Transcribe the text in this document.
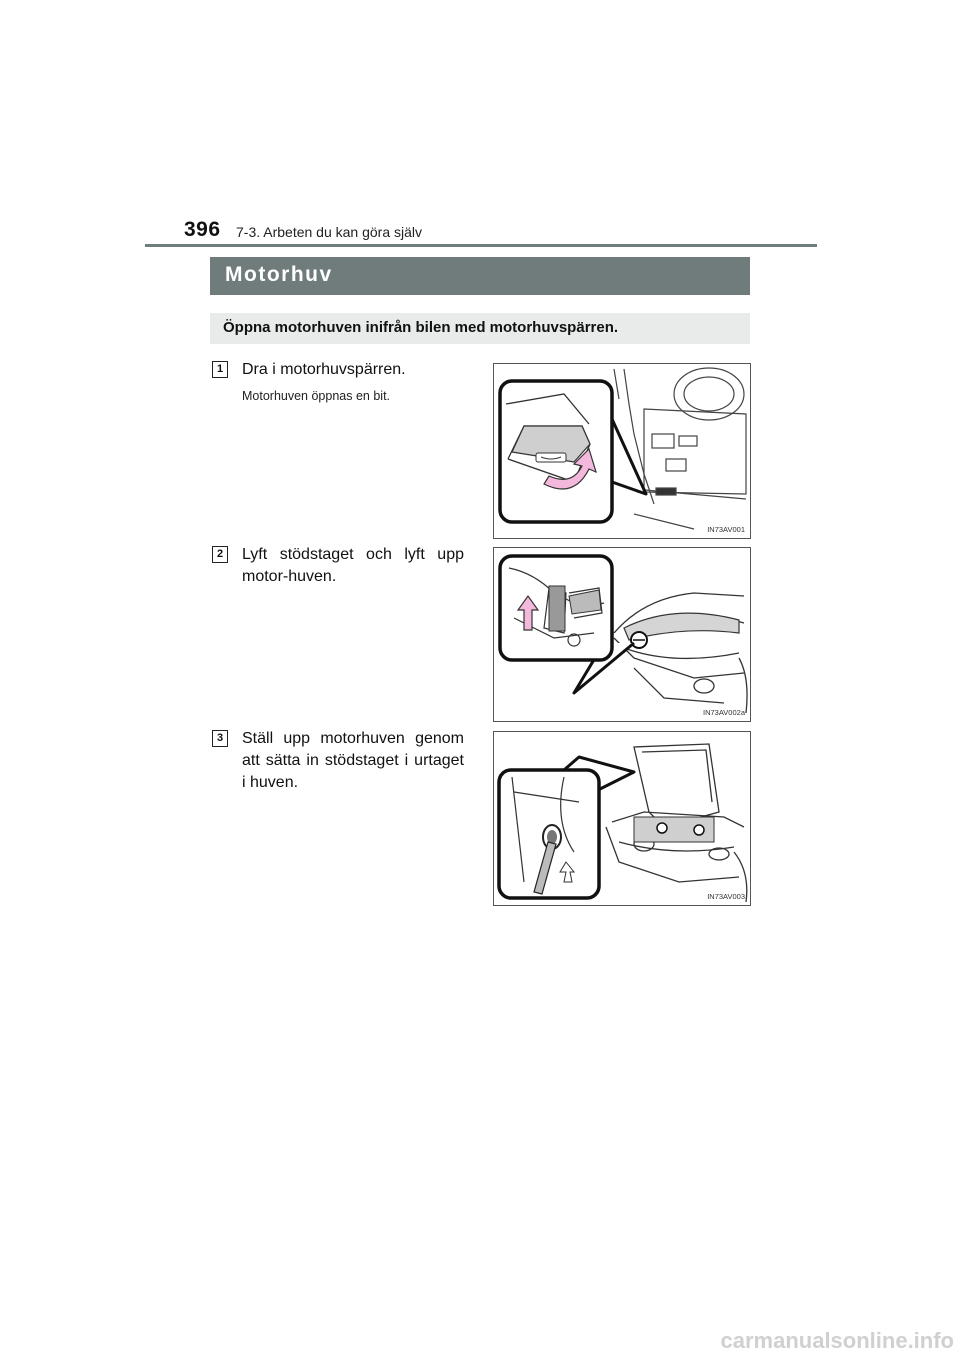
396 7-3. Arbeten du kan göra själv
Motorhuv
Öppna motorhuven inifrån bilen med motorhuvspärren.
1	Dra i motorhuvspärren.
Motorhuven öppnas en bit.
IN73AV001
2	Lyft stödstaget och lyft upp motor-huven.
IN73AV002a
3	Ställ upp motorhuven genom att sätta in stödstaget i urtaget i huven.
IN73AV003
carmanualsonline.info
